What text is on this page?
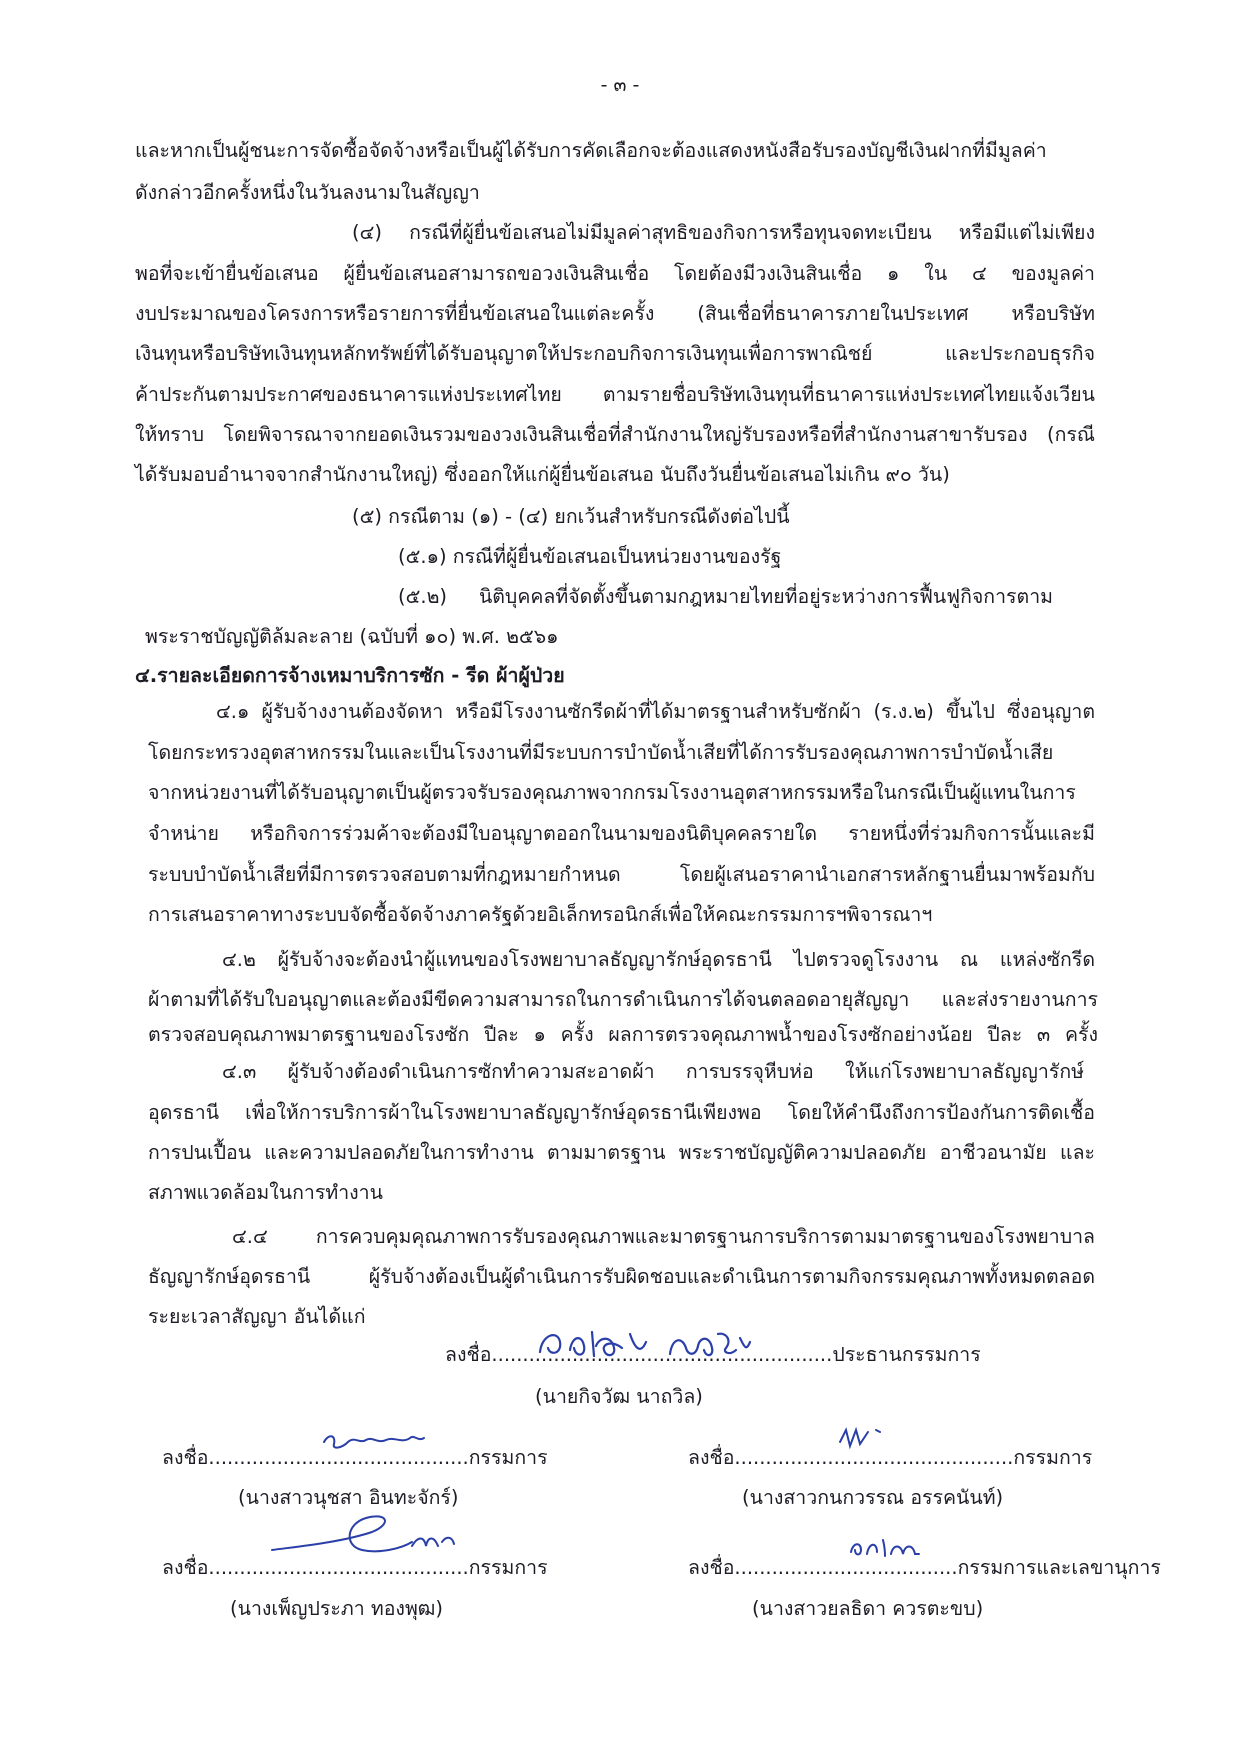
- ๓ -
และหากเป็นผู้ชนะการจัดซื้อจัดจ้างหรือเป็นผู้ได้รับการคัดเลือกจะต้องแสดงหนังสือรับรองบัญชีเงินฝากที่มีมูลค่า
ดังกล่าวอีกครั้งหนึ่งในวันลงนามในสัญญา
(๔) กรณีที่ผู้ยื่นข้อเสนอไม่มีมูลค่าสุทธิของกิจการหรือทุนจดทะเบียน หรือมีแต่ไม่เพียง
พอที่จะเข้ายื่นข้อเสนอ ผู้ยื่นข้อเสนอสามารถขอวงเงินสินเชื่อ โดยต้องมีวงเงินสินเชื่อ ๑ ใน ๔ ของมูลค่า
งบประมาณของโครงการหรือรายการที่ยื่นข้อเสนอในแต่ละครั้ง (สินเชื่อที่ธนาคารภายในประเทศ หรือบริษัท
เงินทุนหรือบริษัทเงินทุนหลักทรัพย์ที่ได้รับอนุญาตให้ประกอบกิจการเงินทุนเพื่อการพาณิชย์ และประกอบธุรกิจ
ค้าประกันตามประกาศของธนาคารแห่งประเทศไทย ตามรายชื่อบริษัทเงินทุนที่ธนาคารแห่งประเทศไทยแจ้งเวียน
ให้ทราบ โดยพิจารณาจากยอดเงินรวมของวงเงินสินเชื่อที่สำนักงานใหญ่รับรองหรือที่สำนักงานสาขารับรอง (กรณี
ได้รับมอบอำนาจจากสำนักงานใหญ่) ซึ่งออกให้แก่ผู้ยื่นข้อเสนอ นับถึงวันยื่นข้อเสนอไม่เกิน ๙๐ วัน)
(๕) กรณีตาม (๑) - (๔) ยกเว้นสำหรับกรณีดังต่อไปนี้
(๕.๑) กรณีที่ผู้ยื่นข้อเสนอเป็นหน่วยงานของรัฐ
(๕.๒) นิติบุคคลที่จัดตั้งขึ้นตามกฎหมายไทยที่อยู่ระหว่างการฟื้นฟูกิจการตาม
พระราชบัญญัติล้มละลาย (ฉบับที่ ๑๐) พ.ศ. ๒๕๖๑
๔.รายละเอียดการจ้างเหมาบริการซัก - รีด ผ้าผู้ป่วย
๔.๑ ผู้รับจ้างงานต้องจัดหา หรือมีโรงงานซักรีดผ้าที่ได้มาตรฐานสำหรับซักผ้า (ร.ง.๒) ขึ้นไป ซึ่งอนุญาต
โดยกระทรวงอุตสาหกรรมในและเป็นโรงงานที่มีระบบการบำบัดน้ำเสียที่ได้การรับรองคุณภาพการบำบัดน้ำเสีย
จากหน่วยงานที่ได้รับอนุญาตเป็นผู้ตรวจรับรองคุณภาพจากกรมโรงงานอุตสาหกรรมหรือในกรณีเป็นผู้แทนในการ
จำหน่าย หรือกิจการร่วมค้าจะต้องมีใบอนุญาตออกในนามของนิติบุคคลรายใด รายหนึ่งที่ร่วมกิจการนั้นและมี
ระบบบำบัดน้ำเสียที่มีการตรวจสอบตามที่กฎหมายกำหนด โดยผู้เสนอราคานำเอกสารหลักฐานยื่นมาพร้อมกับ
การเสนอราคาทางระบบจัดซื้อจัดจ้างภาครัฐด้วยอิเล็กทรอนิกส์เพื่อให้คณะกรรมการฯพิจารณาฯ
๔.๒ ผู้รับจ้างจะต้องนำผู้แทนของโรงพยาบาลธัญญารักษ์อุดรธานี ไปตรวจดูโรงงาน ณ แหล่งซักรีด
ผ้าตามที่ได้รับใบอนุญาตและต้องมีขีดความสามารถในการดำเนินการได้จนตลอดอายุสัญญา และส่งรายงานการ
ตรวจสอบคุณภาพมาตรฐานของโรงซัก ปีละ ๑ ครั้ง ผลการตรวจคุณภาพน้ำของโรงซักอย่างน้อย ปีละ ๓ ครั้ง
๔.๓ ผู้รับจ้างต้องดำเนินการซักทำความสะอาดผ้า การบรรจุหีบห่อ ให้แก่โรงพยาบาลธัญญารักษ์
อุดรธานี เพื่อให้การบริการผ้าในโรงพยาบาลธัญญารักษ์อุดรธานีเพียงพอ โดยให้คำนึงถึงการป้องกันการติดเชื้อ
การปนเปื้อน และความปลอดภัยในการทำงาน ตามมาตรฐาน พระราชบัญญัติความปลอดภัย อาชีวอนามัย และ
สภาพแวดล้อมในการทำงาน
๔.๔ การควบคุมคุณภาพการรับรองคุณภาพและมาตรฐานการบริการตามมาตรฐานของโรงพยาบาล
ธัญญารักษ์อุดรธานี ผู้รับจ้างต้องเป็นผู้ดำเนินการรับผิดชอบและดำเนินการตามกิจกรรมคุณภาพทั้งหมดตลอด
ระยะเวลาสัญญา อันได้แก่
ลงชื่อ.......................................................ประธานกรรมการ
(นายกิจวัฒ นาถวิล)
ลงชื่อ..........................................กรรมการ
(นางสาวนุชสา อินทะจักร์)
ลงชื่อ.............................................กรรมการ
(นางสาวกนกวรรณ อรรคนันท์)
ลงชื่อ..........................................กรรมการ
(นางเพ็ญประภา ทองพุฒ)
ลงชื่อ....................................กรรมการและเลขานุการ
(นางสาวยลธิดา ควรตะขบ)
